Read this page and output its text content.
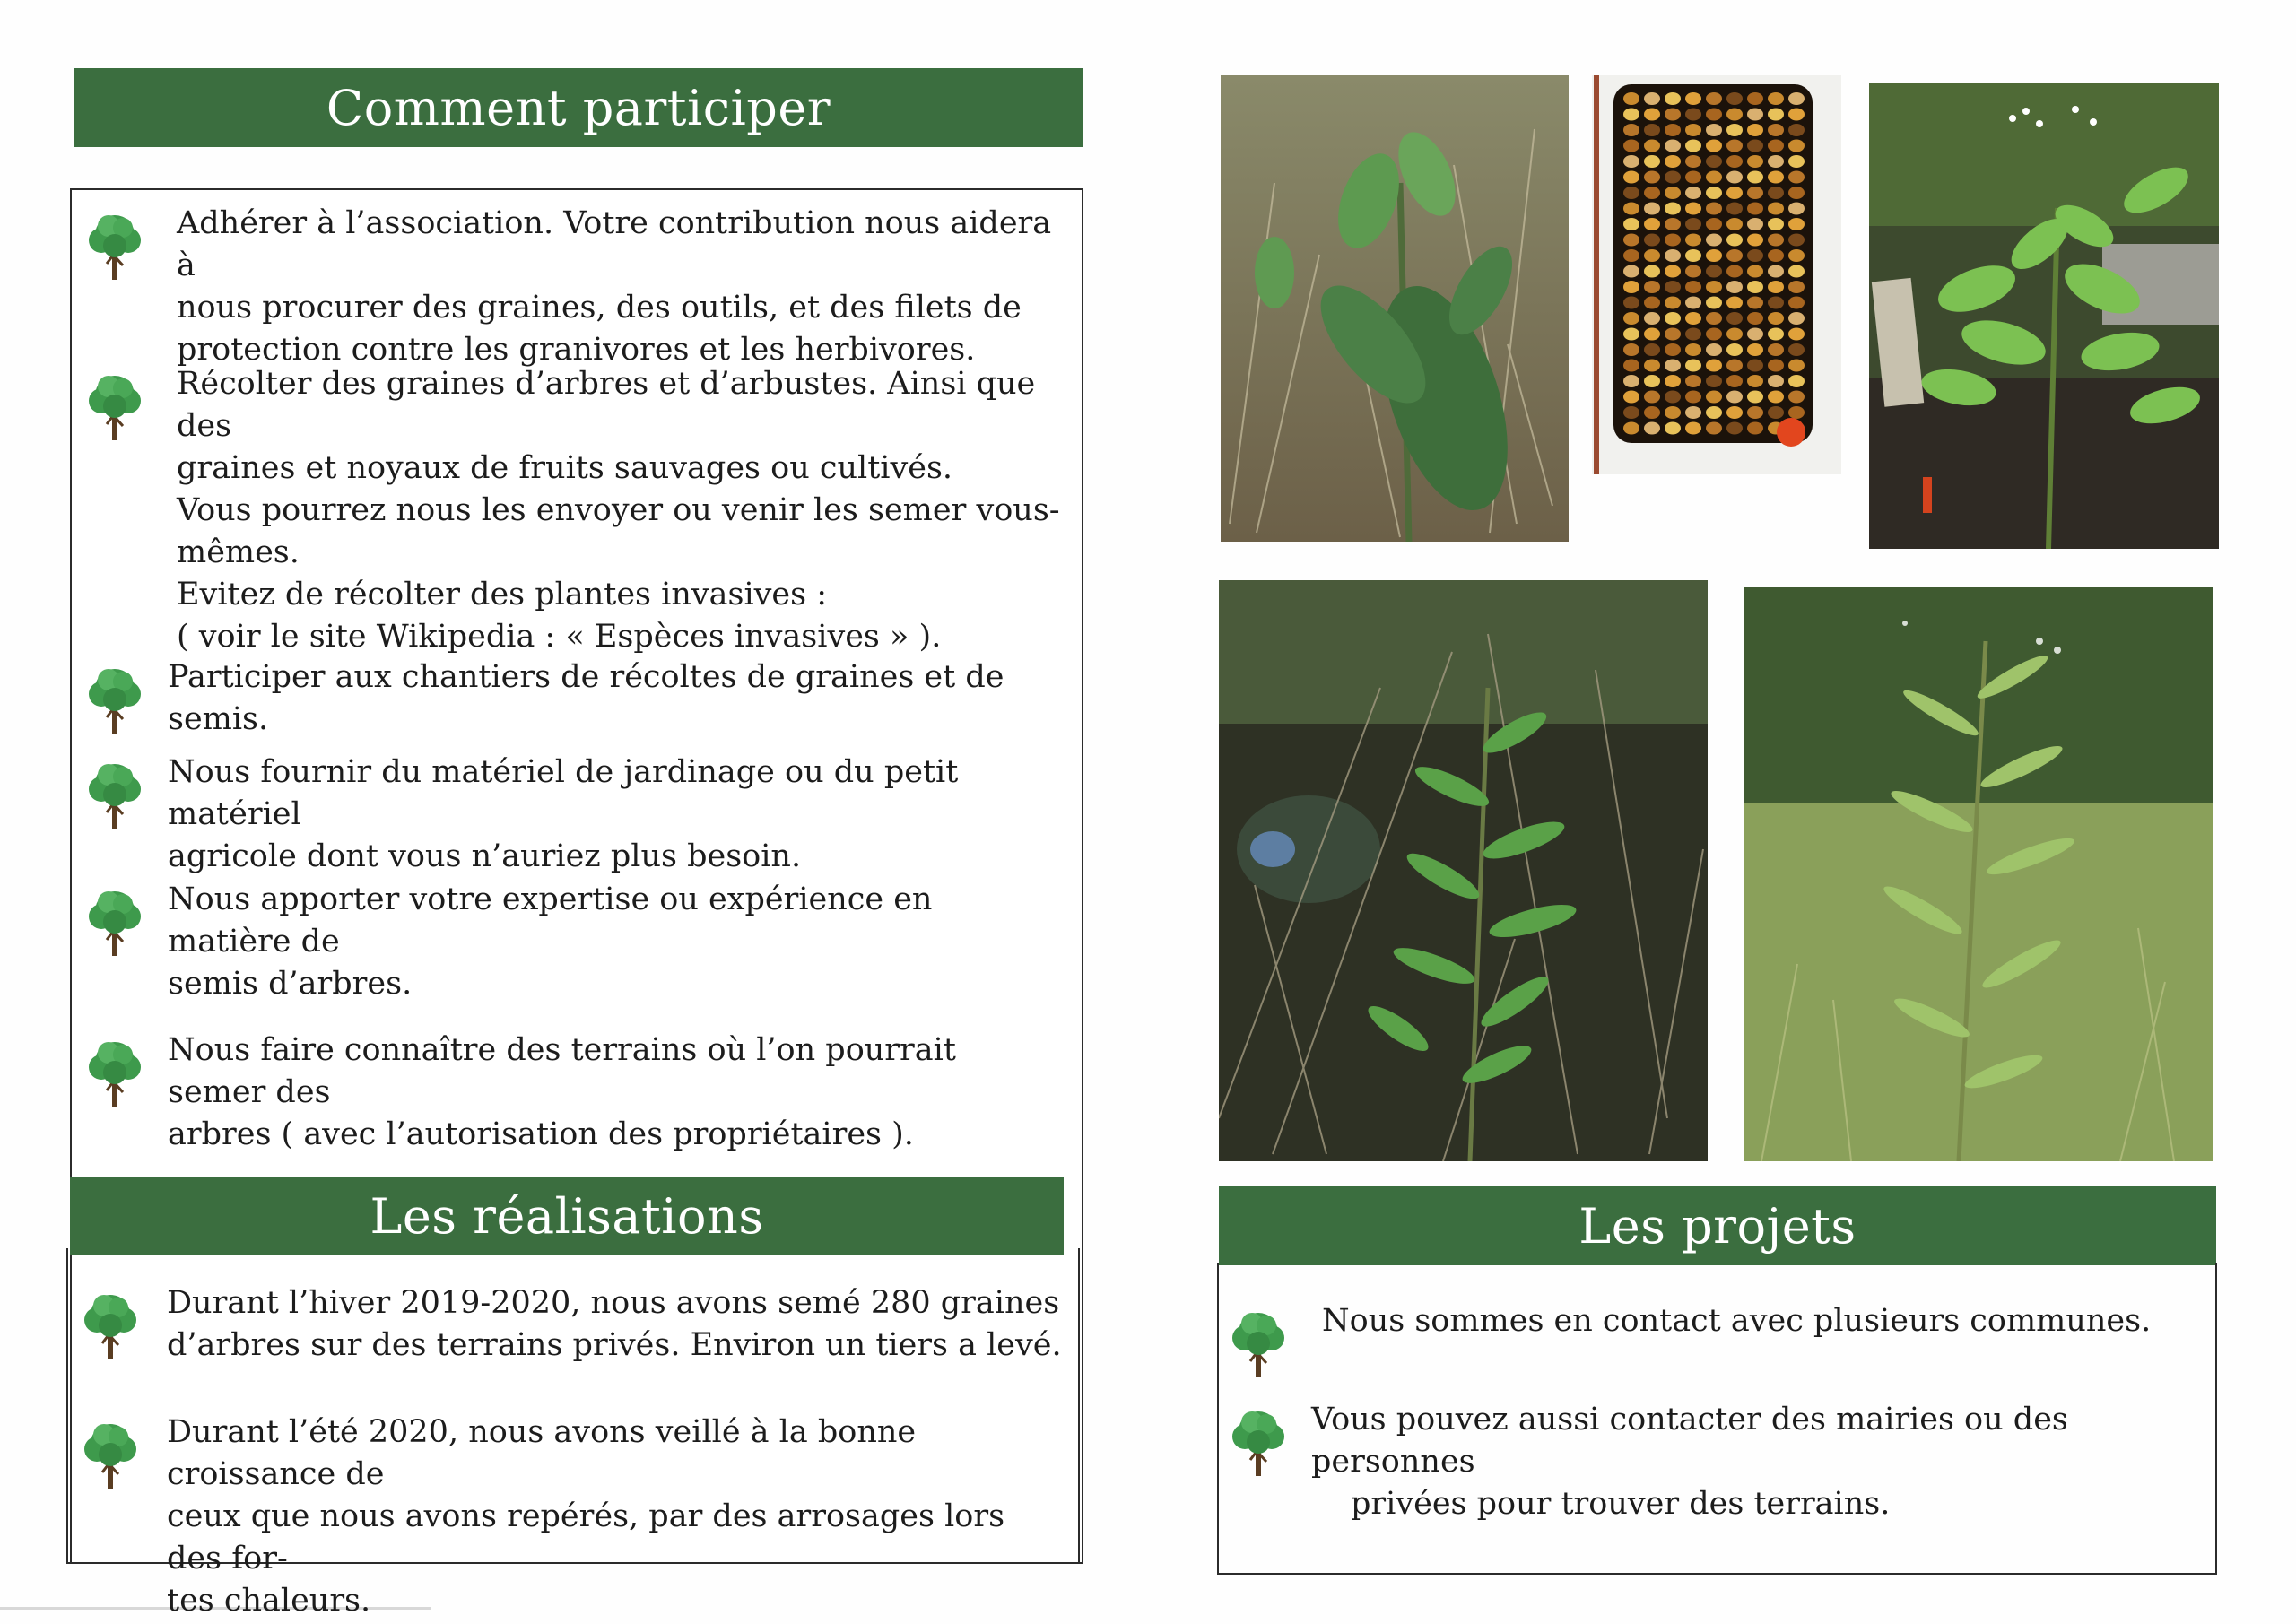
Comment participer

Adhérer à l’association. Votre contribution nous aidera à

nous procurer des graines, des outils, et des filets de

protection contre les granivores et les herbivores.

Récolter des graines d’arbres et d’arbustes. Ainsi que des

graines et noyaux de fruits sauvages ou cultivés.

Vous pourrez nous les envoyer ou venir les semer vous-

mêmes.

Evitez de récolter des plantes invasives :

( voir le site Wikipedia : « Espèces invasives » ).

Participer aux chantiers de récoltes de graines et de semis.

Nous fournir du matériel de jardinage ou du petit matériel

agricole dont vous n’auriez plus besoin.

Nous apporter votre expertise ou expérience en matière de

semis d’arbres.

Nous faire connaître des terrains où l’on pourrait semer des

arbres ( avec l’autorisation des propriétaires ).

Les réalisations

Durant l’hiver 2019-2020, nous avons semé 280 graines

d’arbres sur des terrains privés. Environ un tiers a levé.

Durant l’été 2020, nous avons veillé à la bonne croissance de

ceux que nous avons repérés, par des arrosages lors des for-

tes chaleurs.

Les projets

Nous sommes en contact avec plusieurs communes.

Vous pouvez aussi contacter des mairies ou des personnes

privées pour trouver des terrains.
